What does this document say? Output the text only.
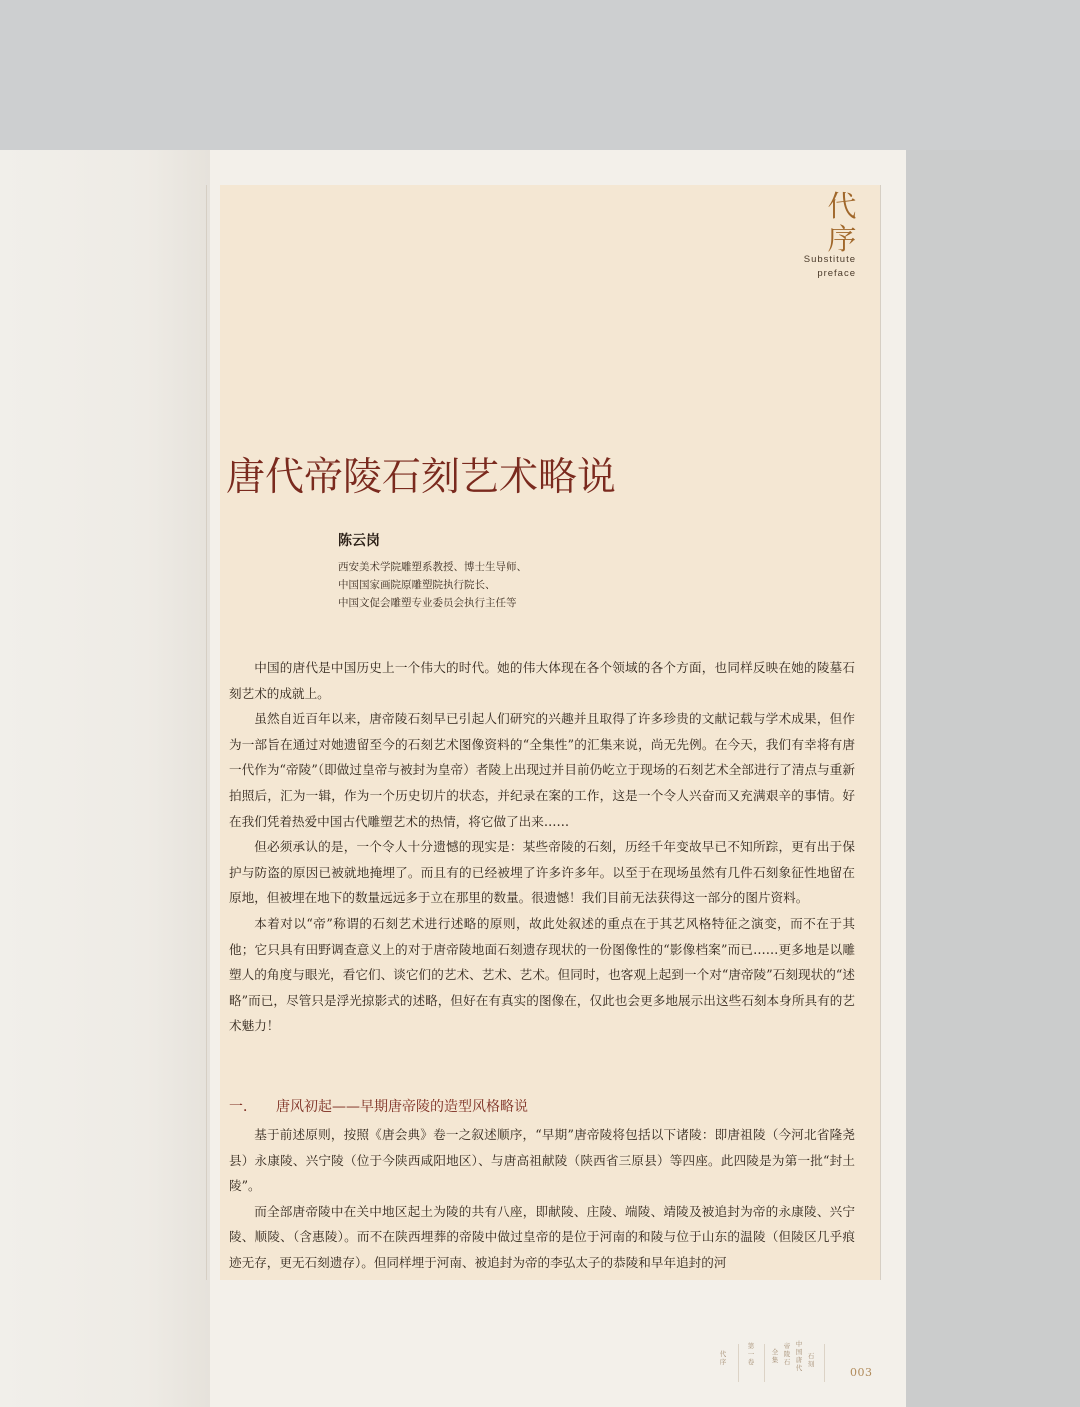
代
序
Substitute
preface
唐代帝陵石刻艺术略说
陈云岗
西安美术学院雕塑系教授、博士生导师、
中国国家画院原雕塑院执行院长、
中国文促会雕塑专业委员会执行主任等

中国的唐代是中国历史上一个伟大的时代。她的伟大体现在各个领域的各个方面，也同样反映在她的陵墓石刻艺术的成就上。

虽然自近百年以来，唐帝陵石刻早已引起人们研究的兴趣并且取得了许多珍贵的文献记载与学术成果，但作为一部旨在通过对她遗留至今的石刻艺术图像资料的“全集性”的汇集来说，尚无先例。在今天，我们有幸将有唐一代作为“帝陵”（即做过皇帝与被封为皇帝）者陵上出现过并目前仍屹立于现场的石刻艺术全部进行了清点与重新拍照后，汇为一辑，作为一个历史切片的状态，并纪录在案的工作，这是一个令人兴奋而又充满艰辛的事情。好在我们凭着热爱中国古代雕塑艺术的热情，将它做了出来……

但必须承认的是，一个令人十分遗憾的现实是：某些帝陵的石刻，历经千年变故早已不知所踪，更有出于保护与防盗的原因已被就地掩埋了。而且有的已经被埋了许多许多年。以至于在现场虽然有几件石刻象征性地留在原地，但被埋在地下的数量远远多于立在那里的数量。很遗憾！我们目前无法获得这一部分的图片资料。

本着对以“帝”称谓的石刻艺术进行述略的原则，故此处叙述的重点在于其艺风格特征之演变，而不在于其他；它只具有田野调查意义上的对于唐帝陵地面石刻遗存现状的一份图像性的“影像档案”而已……更多地是以雕塑人的角度与眼光，看它们、谈它们的艺术、艺术、艺术。但同时，也客观上起到一个对“唐帝陵”石刻现状的“述略”而已，尽管只是浮光掠影式的述略，但好在有真实的图像在，仅此也会更多地展示出这些石刻本身所具有的艺术魅力！

一． 唐风初起——早期唐帝陵的造型风格略说

基于前述原则，按照《唐会典》卷一之叙述顺序，“早期”唐帝陵将包括以下诸陵：即唐祖陵（今河北省隆尧县）永康陵、兴宁陵（位于今陕西咸阳地区）、与唐高祖献陵（陕西省三原县）等四座。此四陵是为第一批“封土陵”。

而全部唐帝陵中在关中地区起土为陵的共有八座，即献陵、庄陵、端陵、靖陵及被追封为帝的永康陵、兴宁陵、顺陵、（含惠陵）。而不在陕西埋葬的帝陵中做过皇帝的是位于河南的和陵与位于山东的温陵（但陵区几乎痕迹无存，更无石刻遗存）。但同样埋于河南、被追封为帝的李弘太子的恭陵和早年追封的河

代
序
第
一
卷
全
集
帝
陵
石
中
国
唐
代
石
刻
003
